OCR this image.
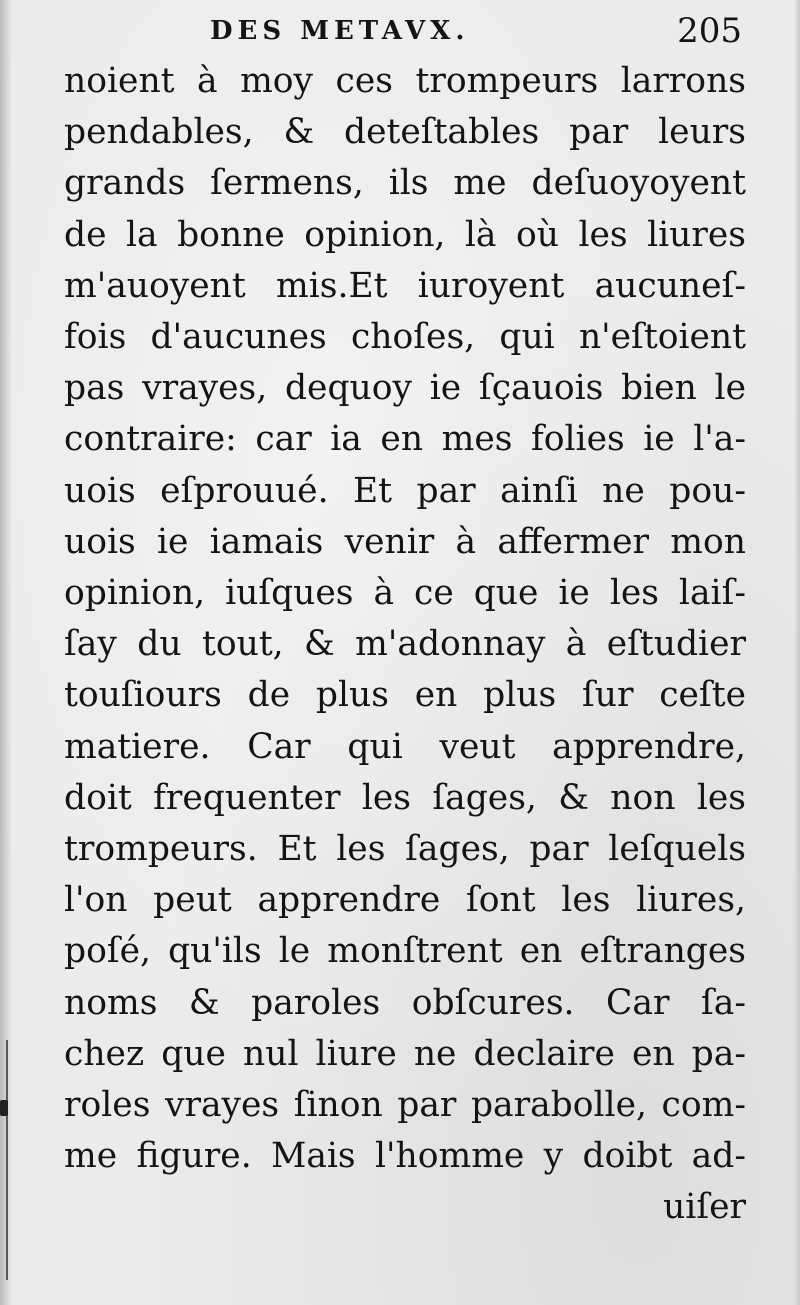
DES METAVX.	205
noient à moy ces trompeurs larrons
pendables, & deteſtables par leurs
grands ſermens, ils me deſuoyoyent
de la bonne opinion, là où les liures
m'auoyent mis.Et iuroyent aucuneſ-
fois d'aucunes choſes, qui n'eſtoient
pas vrayes, dequoy ie ſçauois bien le
contraire: car ia en mes folies ie l'a-
uois eſprouué. Et par ainſi ne pou-
uois ie iamais venir à affermer mon
opinion, iuſques à ce que ie les laiſ-
ſay du tout, & m'adonnay à eſtudier
touſiours de plus en plus ſur ceſte
matiere. Car qui veut apprendre,
doit frequenter les ſages, & non les
trompeurs. Et les ſages, par leſquels
l'on peut apprendre ſont les liures,
poſé, qu'ils le monſtrent en eſtranges
noms & paroles obſcures. Car ſa-
chez que nul liure ne declaire en pa-
roles vrayes ſinon par parabolle, com-
me figure. Mais l'homme y doibt ad-
uiſer
